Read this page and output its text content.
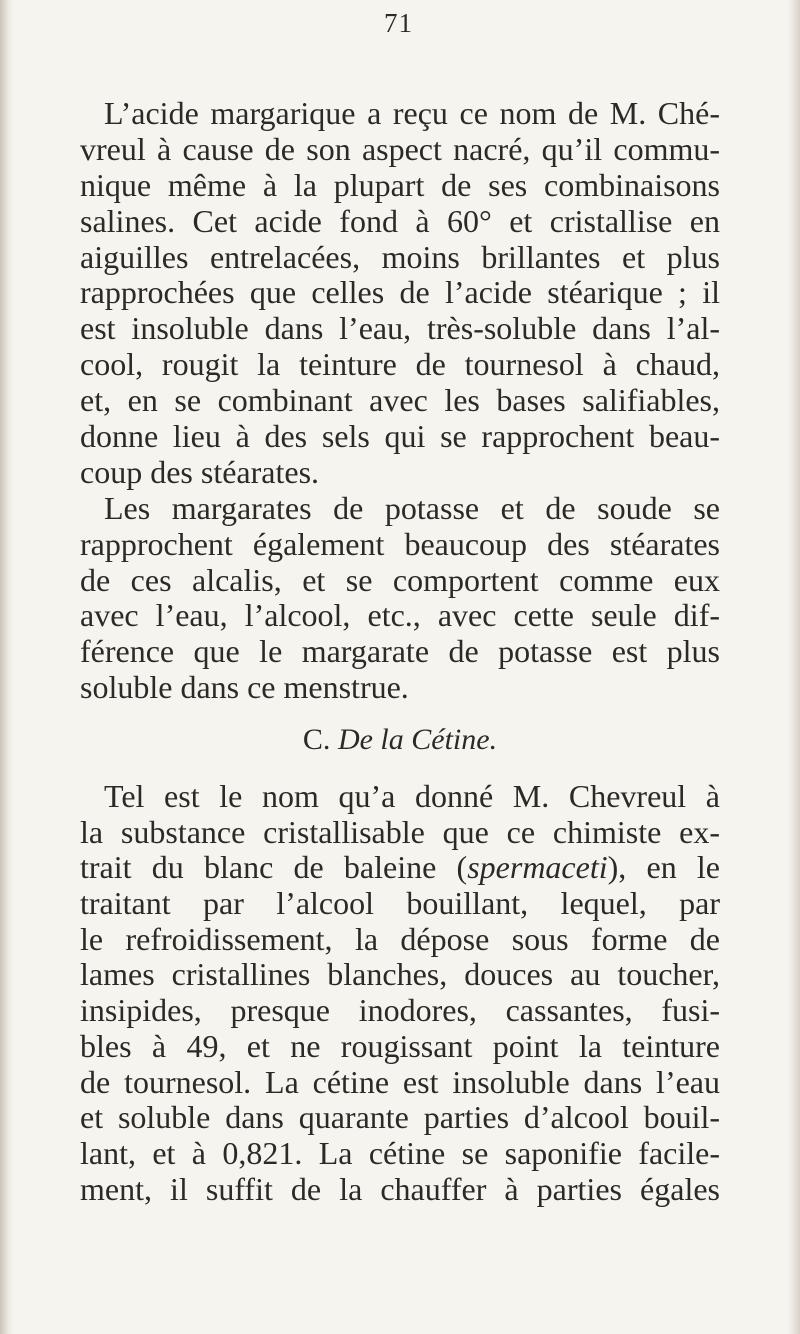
71
L’acide margarique a reçu ce nom de M. Ché-
vreul à cause de son aspect nacré, qu’il commu-
nique même à la plupart de ses combinaisons
salines. Cet acide fond à 60° et cristallise en
aiguilles entrelacées, moins brillantes et plus
rapprochées que celles de l’acide stéarique ; il
est insoluble dans l’eau, très-soluble dans l’al-
cool, rougit la teinture de tournesol à chaud,
et, en se combinant avec les bases salifiables,
donne lieu à des sels qui se rapprochent beau-
coup des stéarates.
Les margarates de potasse et de soude se
rapprochent également beaucoup des stéarates
de ces alcalis, et se comportent comme eux
avec l’eau, l’alcool, etc., avec cette seule dif-
férence que le margarate de potasse est plus
soluble dans ce menstrue.
C. De la Cétine.
Tel est le nom qu’a donné M. Chevreul à
la substance cristallisable que ce chimiste ex-
trait du blanc de baleine (spermaceti), en le
traitant par l’alcool bouillant, lequel, par
le refroidissement, la dépose sous forme de
lames cristallines blanches, douces au toucher,
insipides, presque inodores, cassantes, fusi-
bles à 49, et ne rougissant point la teinture
de tournesol. La cétine est insoluble dans l’eau
et soluble dans quarante parties d’alcool bouil-
lant, et à 0,821. La cétine se saponifie facile-
ment, il suffit de la chauffer à parties égales
